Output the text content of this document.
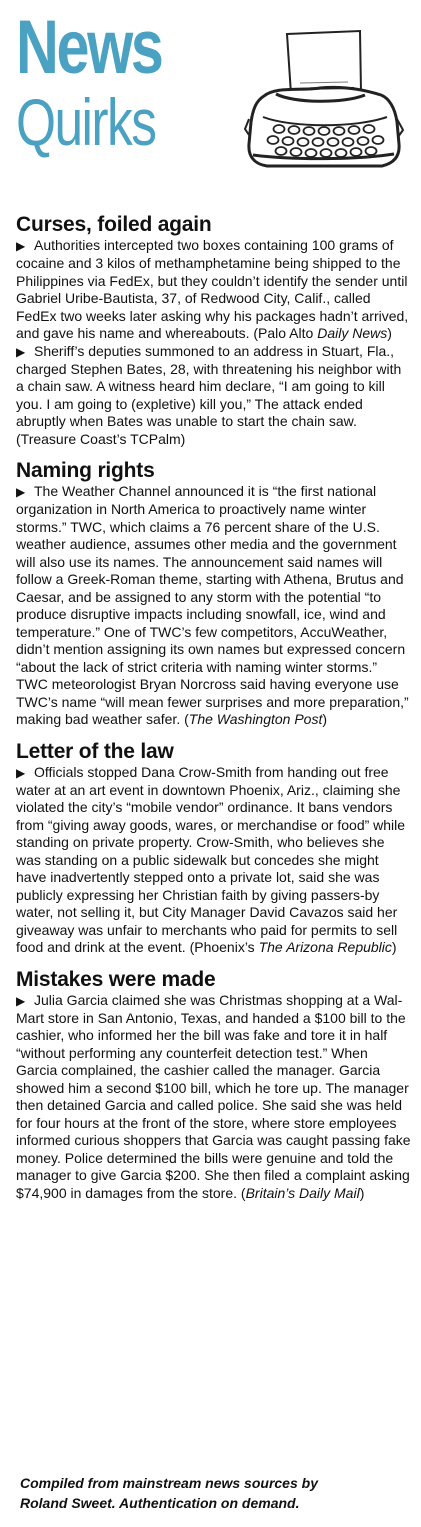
News
Quirks
Curses, foiled again

▶ Authorities intercepted two boxes containing 100 grams of cocaine and 3 kilos of methamphetamine being shipped to the Philippines via FedEx, but they couldn’t identify the sender until Gabriel Uribe-Bautista, 37, of Redwood City, Calif., called FedEx two weeks later asking why his packages hadn’t arrived, and gave his name and whereabouts. (Palo Alto Daily News)

▶ Sheriff’s deputies summoned to an address in Stuart, Fla., charged Stephen Bates, 28, with threatening his neighbor with a chain saw. A witness heard him declare, “I am going to kill you. I am going to (expletive) kill you,” The attack ended abruptly when Bates was unable to start the chain saw. (Treasure Coast’s TCPalm)

Naming rights

▶ The Weather Channel announced it is “the first national organization in North America to proactively name winter storms.” TWC, which claims a 76 percent share of the U.S. weather audience, assumes other media and the government will also use its names. The announcement said names will follow a Greek-Roman theme, starting with Athena, Brutus and Caesar, and be assigned to any storm with the potential “to produce disruptive impacts including snowfall, ice, wind and temperature.” One of TWC’s few competitors, AccuWeather, didn’t mention assigning its own names but expressed concern “about the lack of strict criteria with naming winter storms.” TWC meteorologist Bryan Norcross said having everyone use TWC’s name “will mean fewer surprises and more preparation,” making bad weather safer. (The Washington Post)

Letter of the law

▶ Officials stopped Dana Crow-Smith from handing out free water at an art event in downtown Phoenix, Ariz., claiming she violated the city’s “mobile vendor” ordinance. It bans vendors from “giving away goods, wares, or merchandise or food” while standing on private property. Crow-Smith, who believes she was standing on a public sidewalk but concedes she might have inadvertently stepped onto a private lot, said she was publicly expressing her Christian faith by giving passers-by water, not selling it, but City Manager David Cavazos said her giveaway was unfair to merchants who paid for permits to sell food and drink at the event. (Phoenix’s The Arizona Republic)

Mistakes were made

▶ Julia Garcia claimed she was Christmas shopping at a Wal-Mart store in San Antonio, Texas, and handed a $100 bill to the cashier, who informed her the bill was fake and tore it in half “without performing any counterfeit detection test.” When Garcia complained, the cashier called the manager. Garcia showed him a second $100 bill, which he tore up. The manager then detained Garcia and called police. She said she was held for four hours at the front of the store, where store employees informed curious shoppers that Garcia was caught passing fake money. Police determined the bills were genuine and told the manager to give Garcia $200. She then filed a complaint asking $74,900 in damages from the store. (Britain’s Daily Mail)

Compiled from mainstream news sources by
Roland Sweet. Authentication on demand.
